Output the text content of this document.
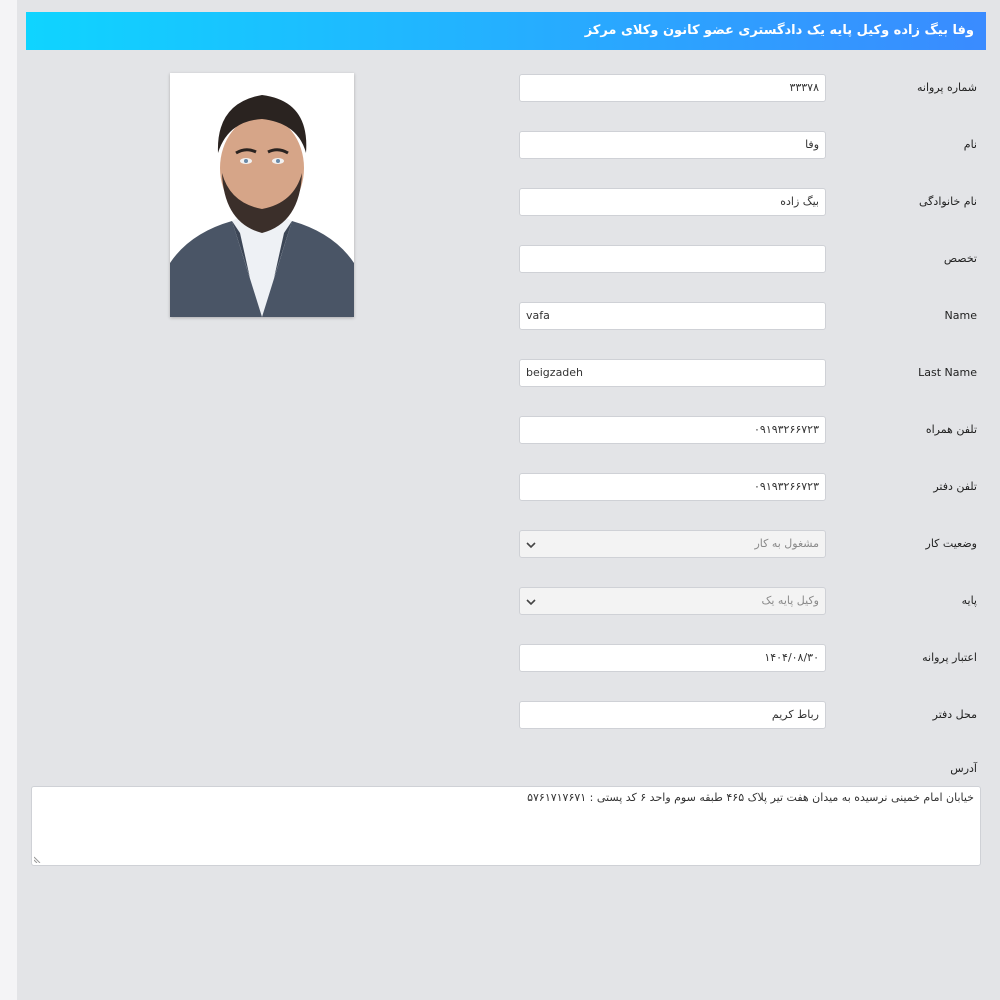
وفا بیگ زاده وکیل پایه یک دادگستری عضو کانون وکلای مرکز
۳۳۳۷۸	شماره پروانه
وفا	نام
بیگ زاده	نام خانوادگی
تخصص
vafa	Name
beigzadeh	Last Name
۰۹۱۹۳۲۶۶۷۲۳	تلفن همراه
۰۹۱۹۳۲۶۶۷۲۳	تلفن دفتر
مشغول به کار	وضعیت کار
وکیل پایه یک	پایه
۱۴۰۴/۰۸/۳۰	اعتبار پروانه
رباط کریم	محل دفتر
آدرس
خیابان امام خمینی نرسیده به میدان هفت تیر پلاک ۴۶۵ طبقه سوم واحد ۶ کد پستی : ۵۷۶۱۷۱۷۶۷۱
